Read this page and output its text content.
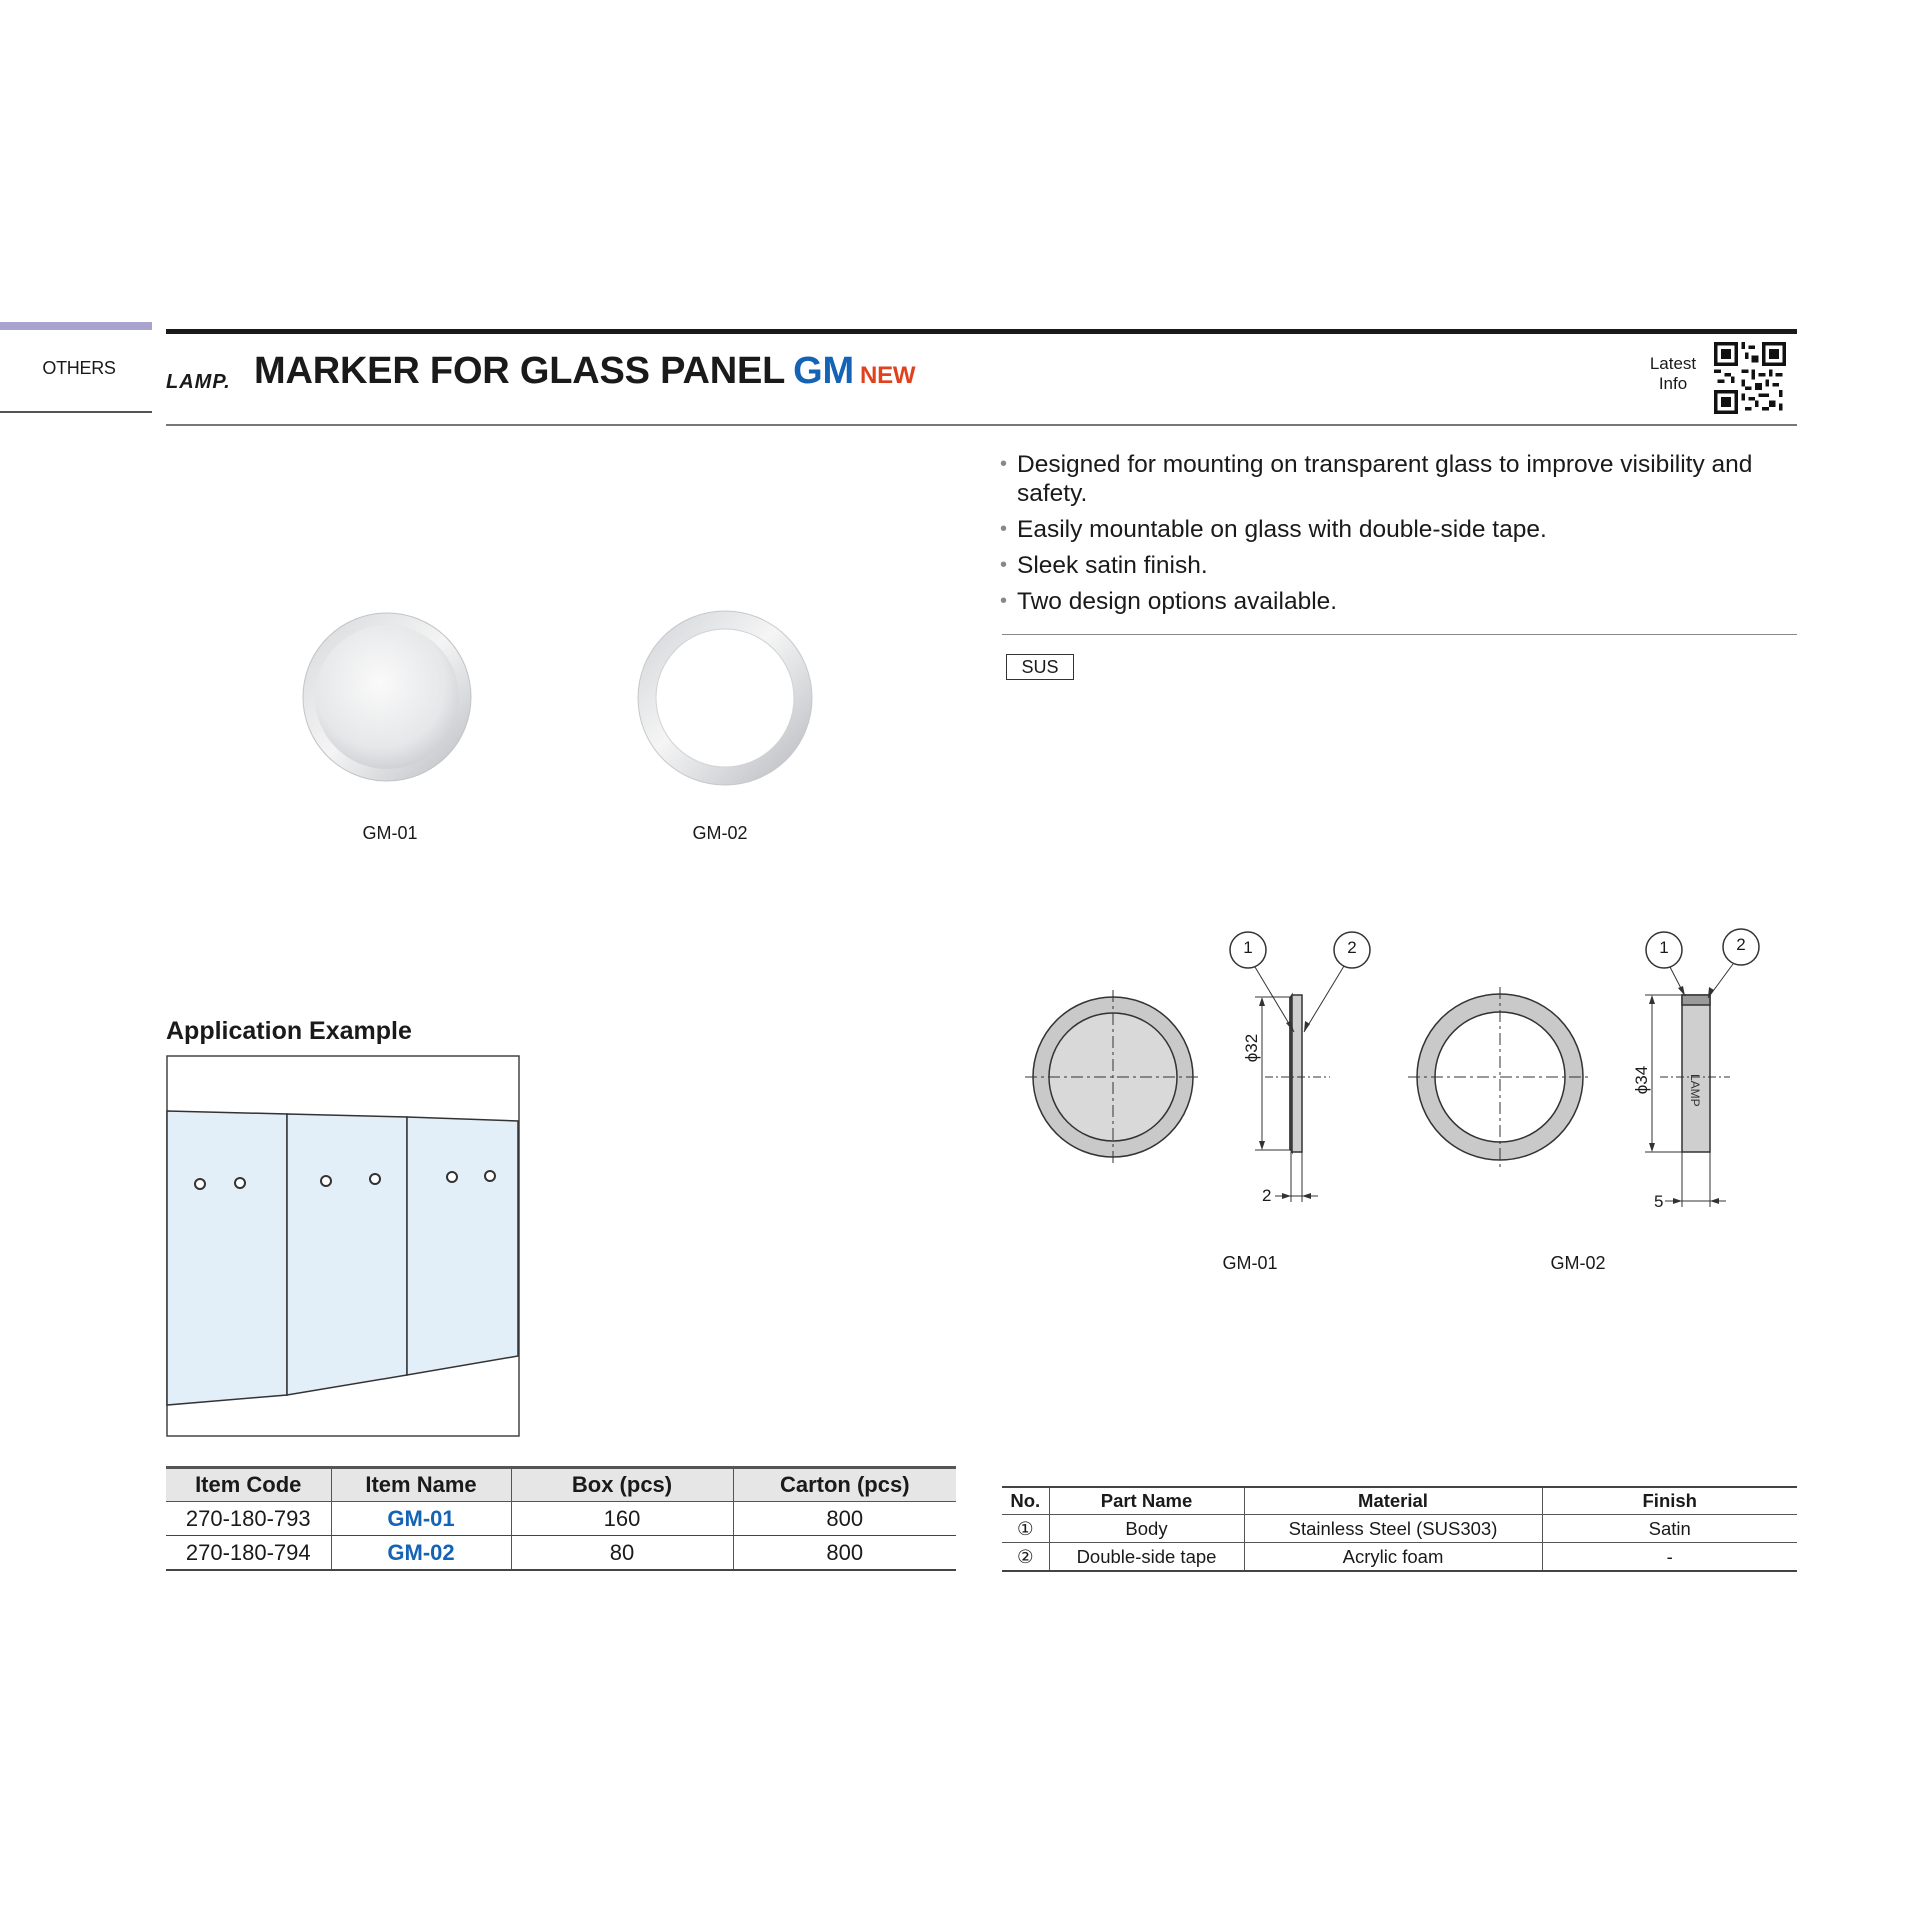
OTHERS
LAMP. MARKER FOR GLASS PANEL GM NEW	Latest Info
• Designed for mounting on transparent glass to improve visibility and safety.
• Easily mountable on glass with double-side tape.
• Sleek satin finish.
• Two design options available.
SUS
GM-01	GM-02
LAMP
1	2
ϕ32
2
GM-01
1	2
ϕ34
5
GM-02
Application Example
Item Code	Item Name	Box (pcs)	Carton (pcs)
270-180-793	GM-01	160	800
270-180-794	GM-02	80	800
No.	Part Name	Material	Finish
①	Body	Stainless Steel (SUS303)	Satin
②	Double-side tape	Acrylic foam	-
